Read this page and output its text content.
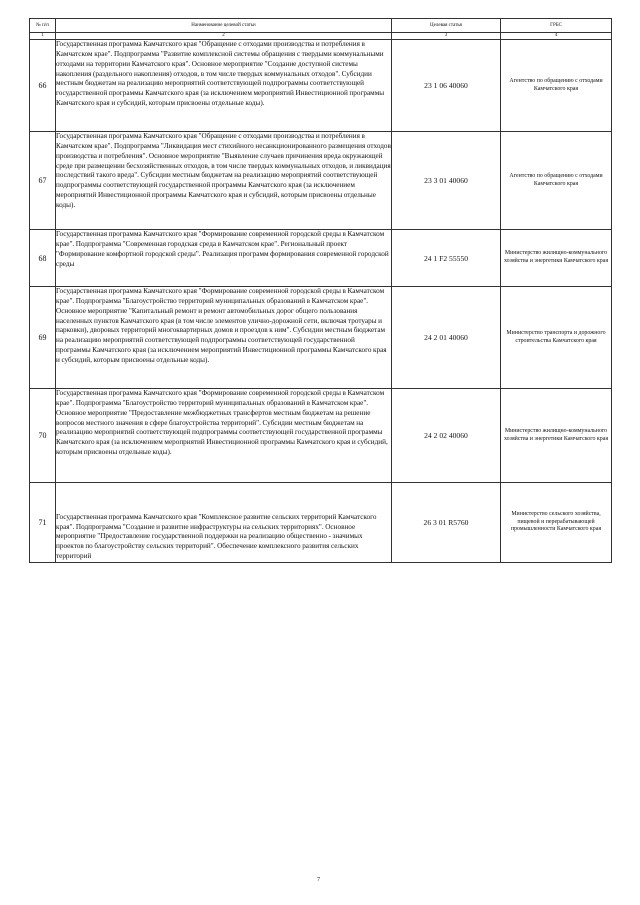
№ п/п	Наименование целевой статьи	Целевая статья	ГРБС
1	2	3	4
66	Государственная программа Камчатского края "Обращение с отходами производства и потребления в Камчатском крае". Подпрограмма "Развитие комплексной системы обращения с твердыми коммунальными отходами на территории Камчатского края". Основное мероприятие "Создание доступной системы накопления (раздельного накопления) отходов, в том числе твердых коммунальных отходов". Субсидии местным бюджетам на реализацию мероприятий соответствующей подпрограммы соответствующей государственной программы Камчатского края (за исключением мероприятий Инвестиционной программы Камчатского края и субсидий, которым присвоены отдельные коды).	23 1 06 40060	Агентство по обращению с отходами Камчатского края
67	Государственная программа Камчатского края "Обращение с отходами производства и потребления в Камчатском крае". Подпрограмма "Ликвидация мест стихийного несанкционированного размещения отходов производства и потребления". Основное мероприятие "Выявление случаев причинения вреда окружающей среде при размещении бесхозяйственных отходов, в том числе твердых коммунальных отходов, и ликвидация последствий такого вреда". Субсидии местным бюджетам на реализацию мероприятий соответствующей подпрограммы соответствующей государственной программы Камчатского края (за исключением мероприятий Инвестиционной программы Камчатского края и субсидий, которым присвоены отдельные коды).	23 3 01 40060	Агентство по обращению с отходами Камчатского края
68	Государственная программа Камчатского края "Формирование современной городской среды в Камчатском крае". Подпрограмма "Современная городская среда в Камчатском крае". Региональный проект "Формирование комфортной городской среды". Реализация программ формирования современной городской среды	24 1 F2 55550	Министерство жилищно-коммунального хозяйства и энергетики Камчатского края
69	Государственная программа Камчатского края "Формирование современной городской среды в Камчатском крае". Подпрограмма "Благоустройство территорий муниципальных образований в Камчатском крае". Основное мероприятие "Капитальный ремонт и ремонт автомобильных дорог общего пользования населенных пунктов Камчатского края (в том числе элементов улично-дорожной сети, включая тротуары и парковки), дворовых территорий многоквартирных домов и проездов к ним". Субсидии местным бюджетам на реализацию мероприятий соответствующей подпрограммы соответствующей государственной программы Камчатского края (за исключением мероприятий Инвестиционной программы Камчатского края и субсидий, которым присвоены отдельные коды).	24 2 01 40060	Министерство транспорта и дорожного строительства Камчатского края
70	Государственная программа Камчатского края "Формирование современной городской среды в Камчатском крае". Подпрограмма "Благоустройство территорий муниципальных образований в Камчатском крае". Основное мероприятие "Предоставление межбюджетных трансфертов местным бюджетам на решение вопросов местного значения в сфере благоустройства территорий". Субсидии местным бюджетам на реализацию мероприятий соответствующей подпрограммы соответствующей государственной программы Камчатского края (за исключением мероприятий Инвестиционной программы Камчатского края и субсидий, которым присвоены отдельные коды).	24 2 02 40060	Министерство жилищно-коммунального хозяйства и энергетики Камчатского края
71	Государственная программа Камчатского края "Комплексное развитие сельских территорий Камчатского края". Подпрограмма "Создание и развитие инфраструктуры на сельских территориях". Основное мероприятие "Предоставление государственной поддержки на реализацию общественно - значимых проектов по благоустройству сельских территорий". Обеспечение комплексного развития сельских территорий	26 3 01 R5760	Министерство сельского хозяйства, пищевой и перерабатывающей промышленности Камчатского края
7
